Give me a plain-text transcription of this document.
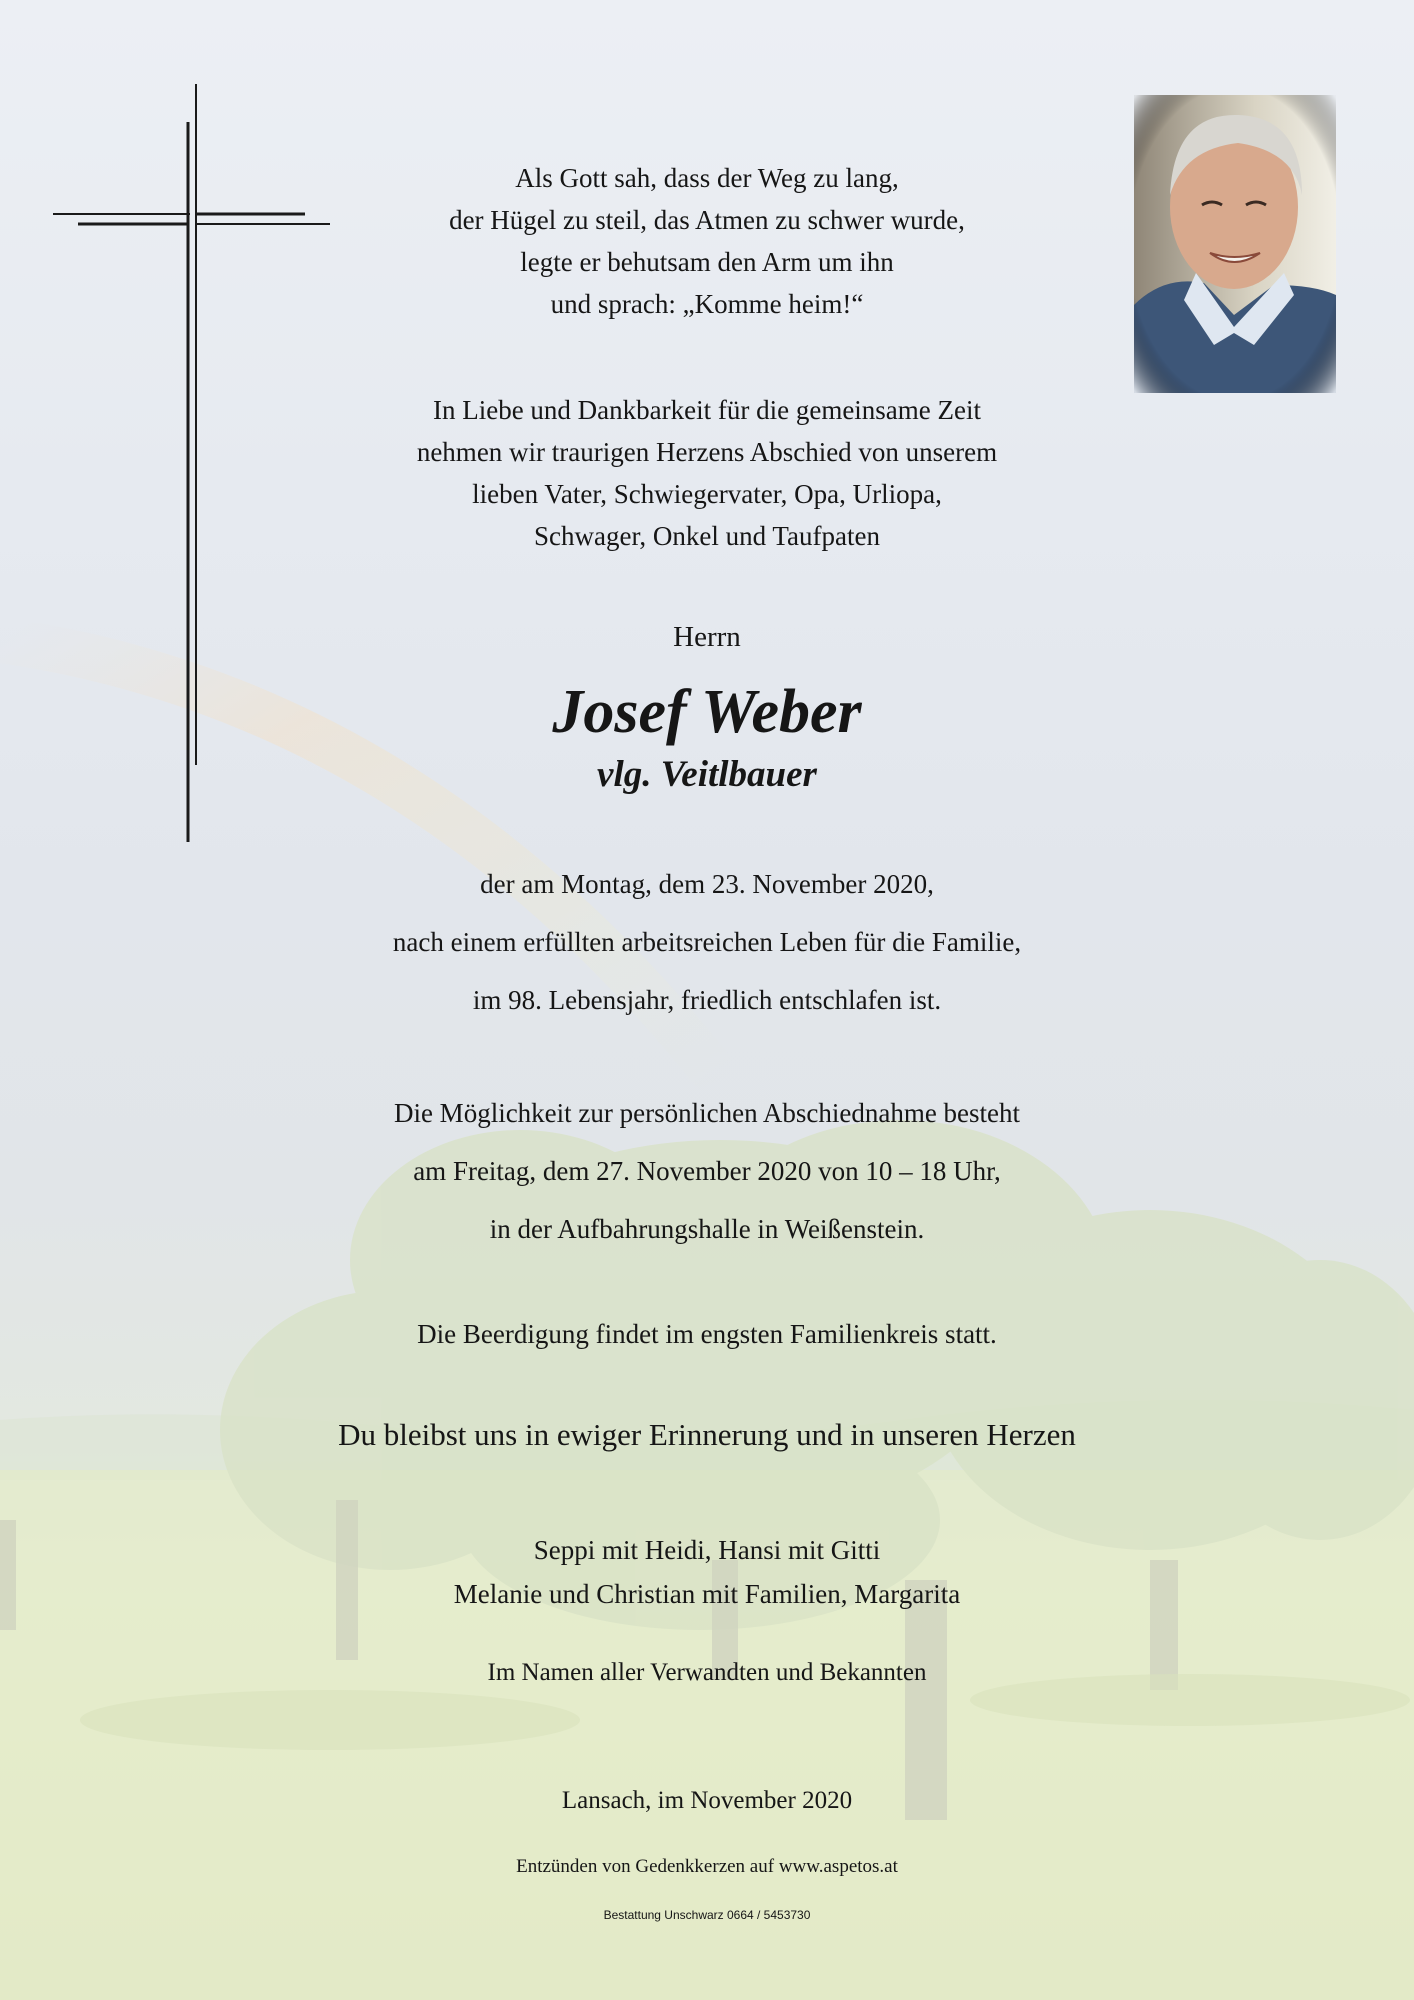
Als Gott sah, dass der Weg zu lang,
der Hügel zu steil, das Atmen zu schwer wurde,
legte er behutsam den Arm um ihn
und sprach: „Komme heim!“
In Liebe und Dankbarkeit für die gemeinsame Zeit
nehmen wir traurigen Herzens Abschied von unserem
lieben Vater, Schwiegervater, Opa, Urliopa,
Schwager, Onkel und Taufpaten
Herrn
Josef Weber
vlg. Veitlbauer
der am Montag, dem 23. November 2020,
nach einem erfüllten arbeitsreichen Leben für die Familie,
im 98. Lebensjahr, friedlich entschlafen ist.
Die Möglichkeit zur persönlichen Abschiednahme besteht
am Freitag, dem 27. November 2020 von 10 – 18 Uhr,
in der Aufbahrungshalle in Weißenstein.
Die Beerdigung findet im engsten Familienkreis statt.
Du bleibst uns in ewiger Erinnerung und in unseren Herzen
Seppi mit Heidi, Hansi mit Gitti
Melanie und Christian mit Familien, Margarita
Im Namen aller Verwandten und Bekannten
Lansach, im November 2020
Entzünden von Gedenkkerzen auf www.aspetos.at
Bestattung Unschwarz 0664 / 5453730
